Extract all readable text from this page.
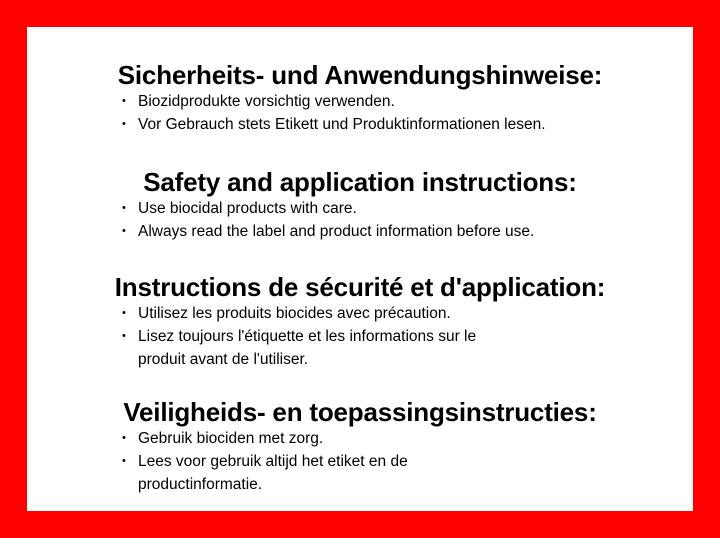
Sicherheits- und Anwendungshinweise:
• Biozidprodukte vorsichtig verwenden.
• Vor Gebrauch stets Etikett und Produktinformationen lesen.
Safety and application instructions:
• Use biocidal products with care.
• Always read the label and product information before use.
Instructions de sécurité et d'application:
• Utilisez les produits biocides avec précaution.
• Lisez toujours l'étiquette et les informations sur le
produit avant de l'utiliser.
Veiligheids- en toepassingsinstructies:
• Gebruik biociden met zorg.
• Lees voor gebruik altijd het etiket en de
productinformatie.
